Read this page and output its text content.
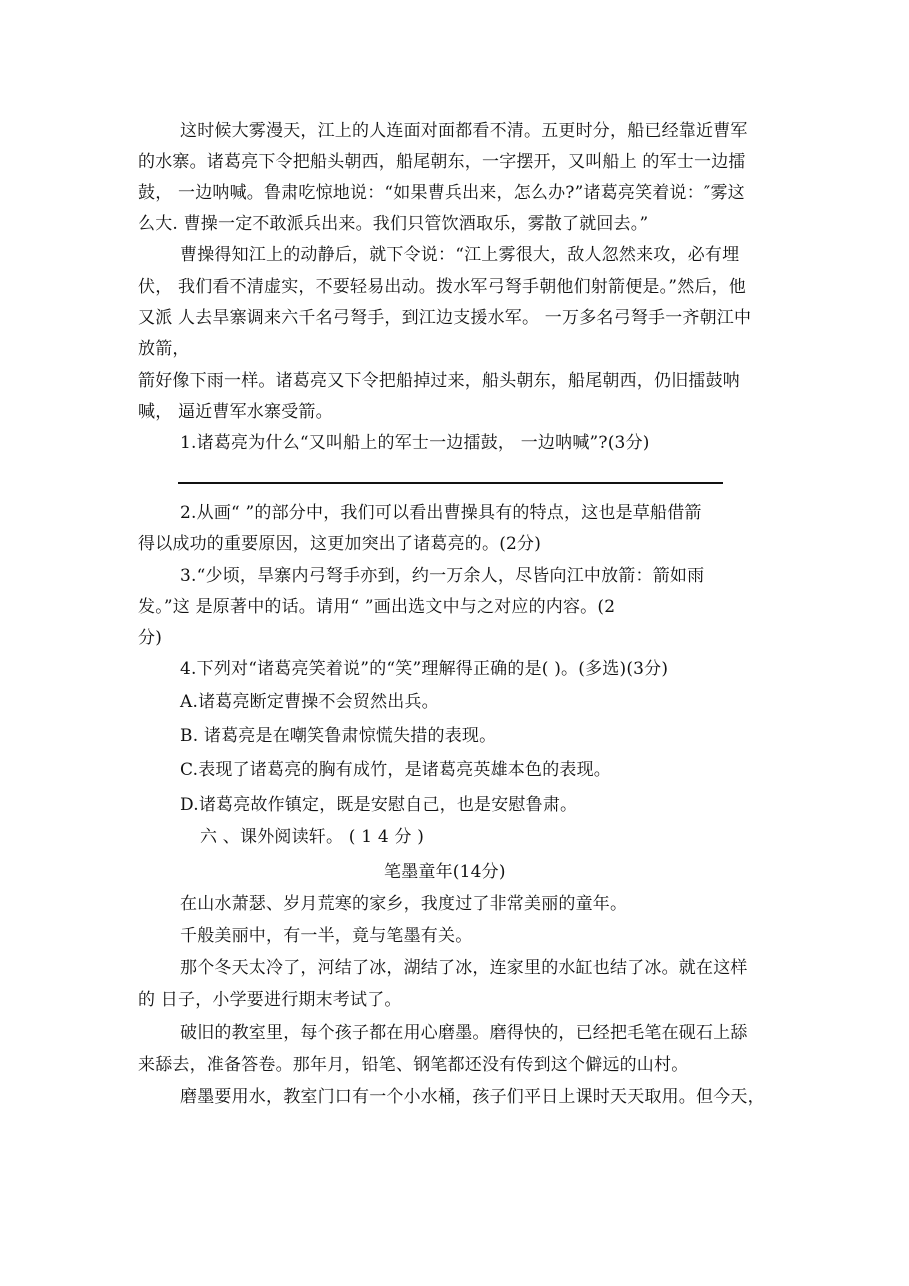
这时候大雾漫天，江上的人连面对面都看不清。五更时分，船已经靠近曹军
的水寨。诸葛亮下令把船头朝西，船尾朝东，一字摆开，又叫船上 的军士一边擂
鼓， 一边呐喊。鲁肃吃惊地说：“如果曹兵出来，怎么办?”诸葛亮笑着说：″雾这
么大. 曹操一定不敢派兵出来。我们只管饮酒取乐，雾散了就回去。”
曹操得知江上的动静后，就下令说：“江上雾很大，敌人忽然来攻，必有埋
伏， 我们看不清虚实，不要轻易出动。拨水军弓弩手朝他们射箭便是。”然后，他
又派 人去旱寨调来六千名弓弩手，到江边支援水军。 一万多名弓弩手一齐朝江中
放箭，
箭好像下雨一样。诸葛亮又下令把船掉过来，船头朝东，船尾朝西，仍旧擂鼓呐
喊， 逼近曹军水寨受箭。
1.诸葛亮为什么“又叫船上的军士一边擂鼓， 一边呐喊”?(3分)
2.从画“ ”的部分中，我们可以看出曹操具有的特点，这也是草船借箭
得以成功的重要原因，这更加突出了诸葛亮的。(2分)
3.“少顷，旱寨内弓弩手亦到，约一万余人，尽皆向江中放箭：箭如雨
发。”这 是原著中的话。请用“ ”画出选文中与之对应的内容。(2
分)
4.下列对“诸葛亮笑着说”的“笑”理解得正确的是( )。(多选)(3分)
A.诸葛亮断定曹操不会贸然出兵。
B. 诸葛亮是在嘲笑鲁肃惊慌失措的表现。
C.表现了诸葛亮的胸有成竹，是诸葛亮英雄本色的表现。
D.诸葛亮故作镇定，既是安慰自己，也是安慰鲁肃。
六 、课外阅读轩。 ( 1 4 分 )
笔墨童年(14分)
在山水萧瑟、岁月荒寒的家乡，我度过了非常美丽的童年。
千般美丽中，有一半，竟与笔墨有关。
那个冬天太冷了，河结了冰，湖结了冰，连家里的水缸也结了冰。就在这样
的 日子，小学要进行期末考试了。
破旧的教室里，每个孩子都在用心磨墨。磨得快的，已经把毛笔在砚石上舔
来舔去，准备答卷。那年月，铅笔、钢笔都还没有传到这个僻远的山村。
磨墨要用水，教室门口有一个小水桶，孩子们平日上课时天天取用。但今天，
